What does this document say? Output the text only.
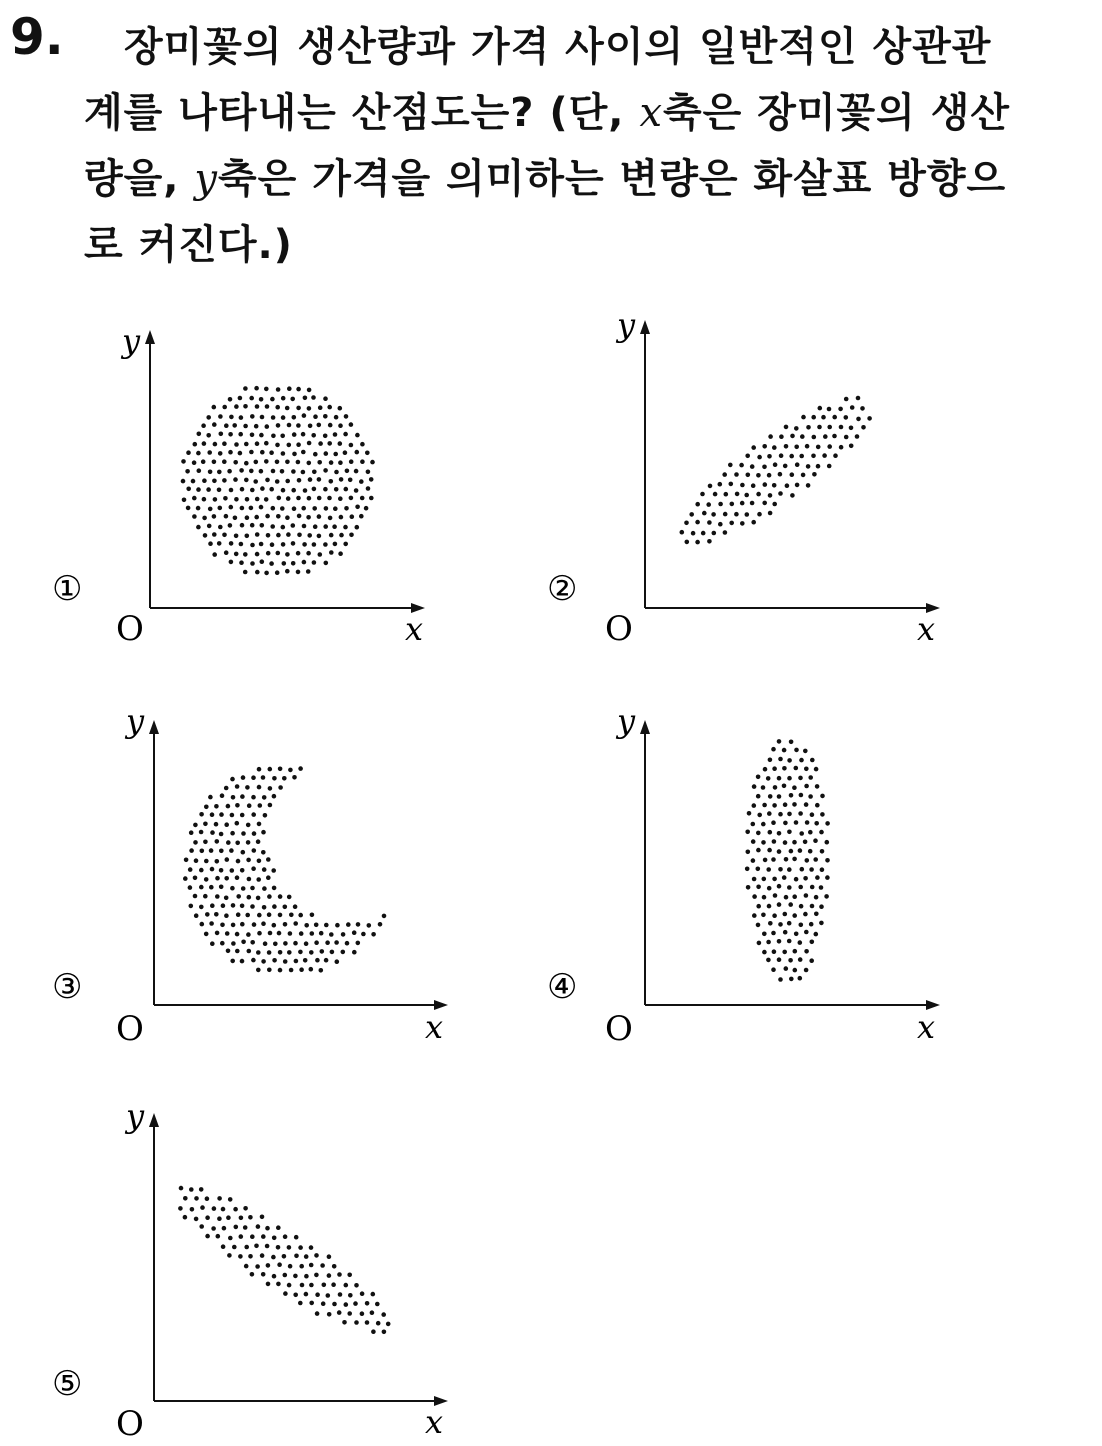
9.	장미꽃의 생산량과 가격 사이의 일반적인 상관관
계를 나타내는 산점도는? (단, x축은 장미꽃의 생산
량을, y축은 가격을 의미하는 변량은 화살표 방향으
로 커진다.)
y
x
O
①
y
x
O
②
y
x
O
③
y
x
O
④
y
x
O
⑤
